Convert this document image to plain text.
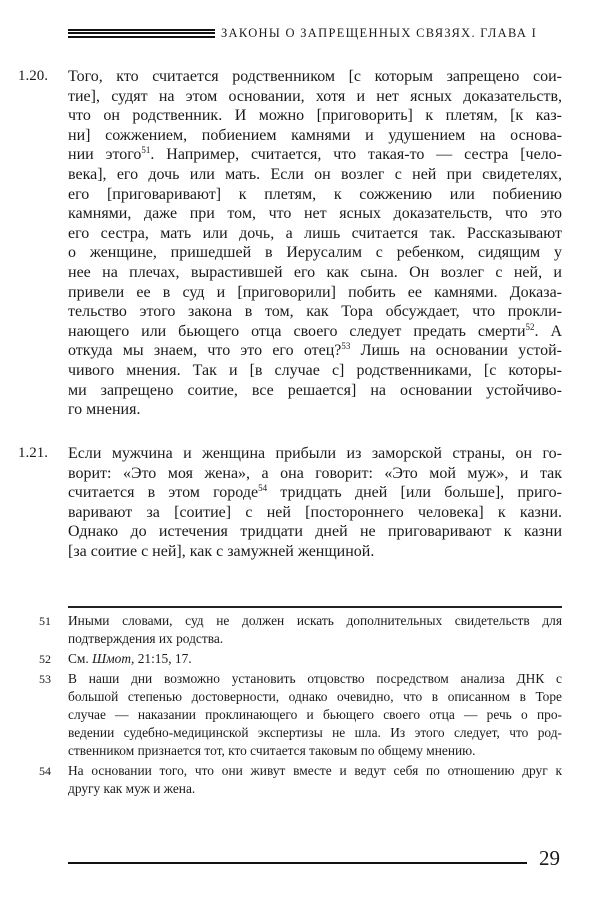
ЗАКОНЫ О ЗАПРЕЩЕННЫХ СВЯЗЯХ. ГЛАВА I
1.20. Того, кто считается родственником [с которым запрещено сои-
тие], судят на этом основании, хотя и нет ясных доказательств,
что он родственник. И можно [приговорить] к плетям, [к каз-
ни] сожжением, побиением камнями и удушением на основа-
нии этого$^{51}$. Например, считается, что такая-то — сестра [чело-
века], его дочь или мать. Если он возлег с ней при свидетелях,
его [приговаривают] к плетям, к сожжению или побиению
камнями, даже при том, что нет ясных доказательств, что это
его сестра, мать или дочь, а лишь считается так. Рассказывают
о женщине, пришедшей в Иерусалим с ребенком, сидящим у
нее на плечах, вырастившей его как сына. Он возлег с ней, и
привели ее в суд и [приговорили] побить ее камнями. Доказа-
тельство этого закона в том, как Тора обсуждает, что прокли-
нающего или бьющего отца своего следует предать смерти$^{52}$. А
откуда мы знаем, что это его отец?$^{53}$ Лишь на основании устой-
чивого мнения. Так и [в случае с] родственниками, [с которы-
ми запрещено соитие, все решается] на основании устойчиво-
го мнения.
1.21. Если мужчина и женщина прибыли из заморской страны, он го-
ворит: «Это моя жена», а она говорит: «Это мой муж», и так
считается в этом городе$^{54}$ тридцать дней [или больше], приго-
варивают за [соитие] с ней [постороннего человека] к казни.
Однако до истечения тридцати дней не приговаривают к казни
[за соитие с ней], как с замужней женщиной.
51 Иными словами, суд не должен искать дополнительных свидетельств для
подтверждения их родства.
52 См. Шмот, 21:15, 17.
53 В наши дни возможно установить отцовство посредством анализа ДНК с
большой степенью достоверности, однако очевидно, что в описанном в Торе
случае — наказании проклинающего и бьющего своего отца — речь о про-
ведении судебно-медицинской экспертизы не шла. Из этого следует, что род-
ственником признается тот, кто считается таковым по общему мнению.
54 На основании того, что они живут вместе и ведут себя по отношению друг к
другу как муж и жена.
29
